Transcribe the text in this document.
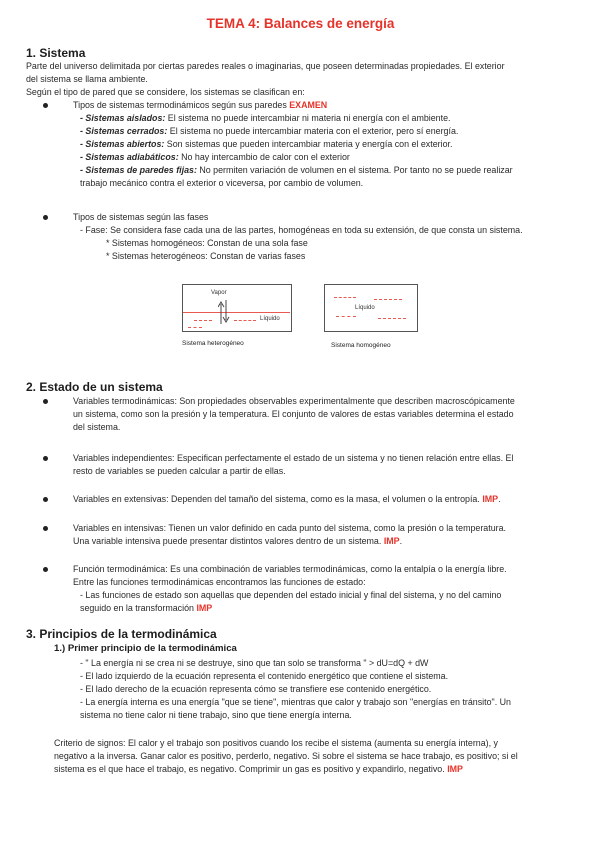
TEMA 4: Balances de energía
1. Sistema
Parte del universo delimitada por ciertas paredes reales o imaginarias, que poseen determinadas propiedades. El exterior
del sistema se llama ambiente.
Según el tipo de pared que se considere, los sistemas se clasifican en:
Tipos de sistemas termodinámicos según sus paredes EXAMEN
- Sistemas aislados: El sistema no puede intercambiar ni materia ni energía con el ambiente.
- Sistemas cerrados: El sistema no puede intercambiar materia con el exterior, pero sí energía.
- Sistemas abiertos: Son sistemas que pueden intercambiar materia y energía con el exterior.
- Sistemas adiabáticos: No hay intercambio de calor con el exterior
- Sistemas de paredes fijas: No permiten variación de volumen en el sistema. Por tanto no se puede realizar
trabajo mecánico contra el exterior o viceversa, por cambio de volumen.
Tipos de sistemas según las fases
- Fase: Se considera fase cada una de las partes, homogéneas en toda su extensión, de que consta un sistema.
* Sistemas homogéneos: Constan de una sola fase
* Sistemas heterogéneos: Constan de varias fases
Vapor
Líquido
Sistema heterogéneo
Líquido
Sistema homogéneo
2. Estado de un sistema
Variables termodinámicas: Son propiedades observables experimentalmente que describen macroscópicamente
un sistema, como son la presión y la temperatura. El conjunto de valores de estas variables determina el estado
del sistema.
Variables independientes: Especifican perfectamente el estado de un sistema y no tienen relación entre ellas. El
resto de variables se pueden calcular a partir de ellas.
Variables en extensivas: Dependen del tamaño del sistema, como es la masa, el volumen o la entropía. IMP.
Variables en intensivas: Tienen un valor definido en cada punto del sistema, como la presión o la temperatura.
Una variable intensiva puede presentar distintos valores dentro de un sistema. IMP.
Función termodinámica: Es una combinación de variables termodinámicas, como la entalpía o la energía libre.
Entre las funciones termodinámicas encontramos las funciones de estado:
- Las funciones de estado son aquellas que dependen del estado inicial y final del sistema, y no del camino
seguido en la transformación IMP
3. Principios de la termodinámica
1.) Primer principio de la termodinámica
- " La energía ni se crea ni se destruye, sino que tan solo se transforma " > dU=dQ + dW
- El lado izquierdo de la ecuación representa el contenido energético que contiene el sistema.
- El lado derecho de la ecuación representa cómo se transfiere ese contenido energético.
- La energía interna es una energía "que se tiene", mientras que calor y trabajo son "energías en tránsito". Un
sistema no tiene calor ni tiene trabajo, sino que tiene energía interna.
Criterio de signos: El calor y el trabajo son positivos cuando los recibe el sistema (aumenta su energía interna), y
negativo a la inversa. Ganar calor es positivo, perderlo, negativo. Si sobre el sistema se hace trabajo, es positivo; si el
sistema es el que hace el trabajo, es negativo. Comprimir un gas es positivo y expandirlo, negativo. IMP
